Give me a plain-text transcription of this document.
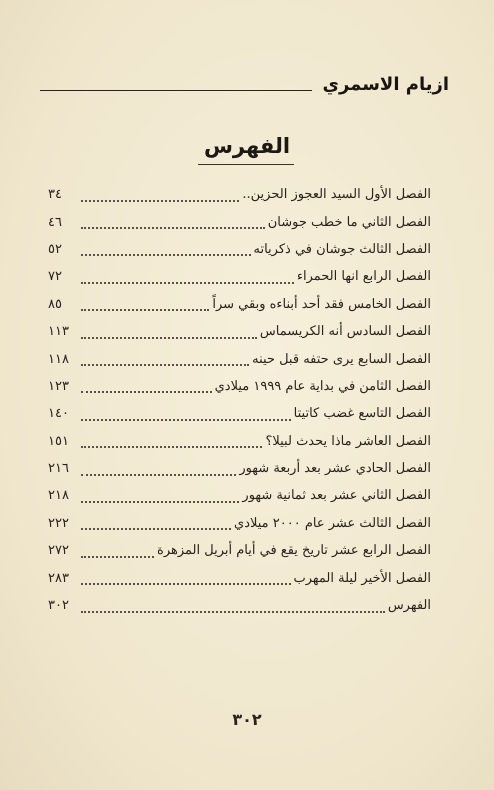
ازيام الاسمري
الفهرس
الفصل الأول السيد العجوز الحزين..
٣٤
الفصل الثاني ما خطب جوشان
٤٦
الفصل الثالث جوشان في ذكرياته
٥٢
الفصل الرابع انها الحمراء
٧٢
الفصل الخامس فقد أحد أبناءه وبقي سراً
٨٥
الفصل السادس أنه الكريسماس
١١٣
الفصل السابع يرى حتفه قبل حينه
١١٨
الفصل الثامن في بداية عام ١٩٩٩ ميلادي
١٢٣
الفصل التاسع غضب كاتيتا
١٤٠
الفصل العاشر ماذا يحدث لبيلا؟
١٥١
الفصل الحادي عشر بعد أربعة شهور
٢١٦
الفصل الثاني عشر بعد ثمانية شهور
٢١٨
الفصل الثالث عشر عام ٢٠٠٠ ميلادي
٢٢٢
الفصل الرابع عشر تاريخ يقع في أيام أبريل المزهرة
٢٧٢
الفصل الأخير ليلة المهرب
٢٨٣
الفهرس
٣٠٢
٣٠٢
